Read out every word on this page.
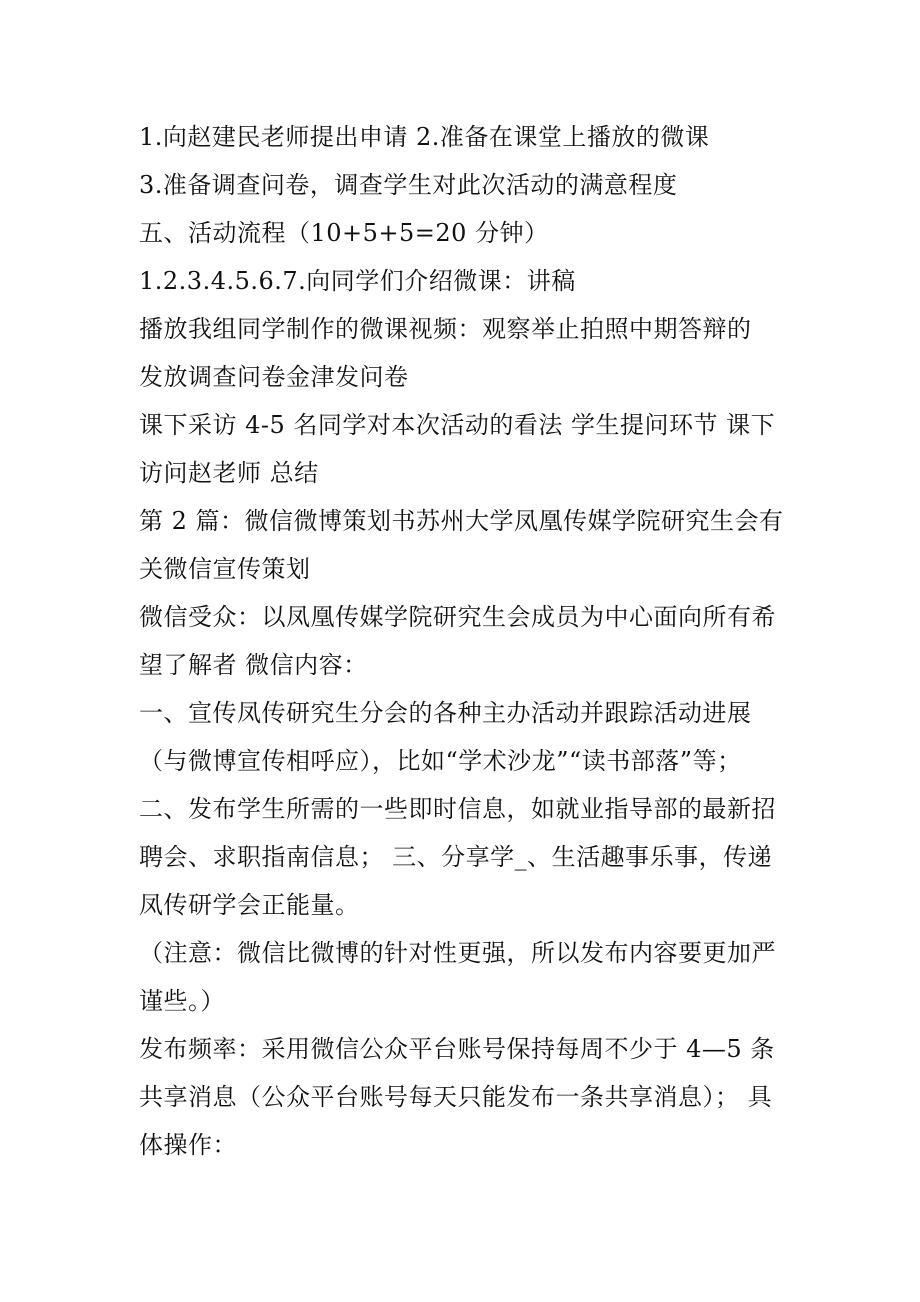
1.向赵建民老师提出申请 2.准备在课堂上播放的微课
3.准备调查问卷，调查学生对此次活动的满意程度
五、活动流程（10+5+5=20 分钟）
1.2.3.4.5.6.7.向同学们介绍微课：讲稿
播放我组同学制作的微课视频：观察举止拍照中期答辩的
发放调查问卷金津发问卷
课下采访 4-5 名同学对本次活动的看法 学生提问环节 课下
访问赵老师 总结
第 2 篇：微信微博策划书苏州大学凤凰传媒学院研究生会有
关微信宣传策划
微信受众：以凤凰传媒学院研究生会成员为中心面向所有希
望了解者 微信内容：
一、宣传凤传研究生分会的各种主办活动并跟踪活动进展
（与微博宣传相呼应），比如“学术沙龙”“读书部落”等；
二、发布学生所需的一些即时信息，如就业指导部的最新招
聘会、求职指南信息； 三、分享学_、生活趣事乐事，传递
凤传研学会正能量。
（注意：微信比微博的针对性更强，所以发布内容要更加严
谨些。）
发布频率：采用微信公众平台账号保持每周不少于 4—5 条
共享消息（公众平台账号每天只能发布一条共享消息）； 具
体操作：
